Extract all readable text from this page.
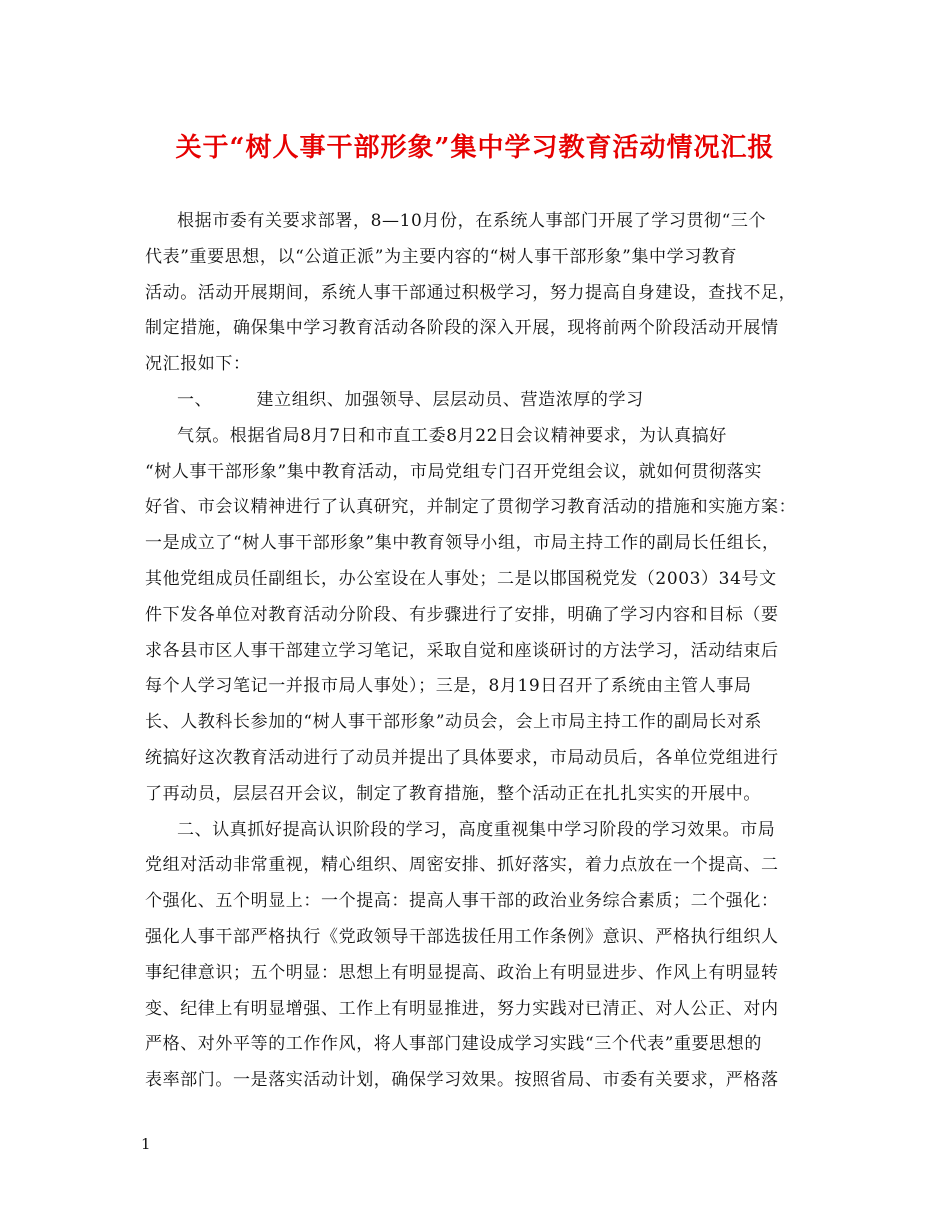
关于“树人事干部形象”集中学习教育活动情况汇报
根据市委有关要求部署，8—10月份，在系统人事部门开展了学习贯彻“三个
代表”重要思想，以“公道正派”为主要内容的“树人事干部形象”集中学习教育
活动。活动开展期间，系统人事干部通过积极学习，努力提高自身建设，查找不足，
制定措施，确保集中学习教育活动各阶段的深入开展，现将前两个阶段活动开展情
况汇报如下：
一、　　　建立组织、加强领导、层层动员、营造浓厚的学习
气氛。根据省局8月7日和市直工委8月22日会议精神要求，为认真搞好
“树人事干部形象”集中教育活动，市局党组专门召开党组会议，就如何贯彻落实
好省、市会议精神进行了认真研究，并制定了贯彻学习教育活动的措施和实施方案：
一是成立了“树人事干部形象”集中教育领导小组，市局主持工作的副局长任组长，
其他党组成员任副组长，办公室设在人事处；二是以邯国税党发（2003）34号文
件下发各单位对教育活动分阶段、有步骤进行了安排，明确了学习内容和目标（要
求各县市区人事干部建立学习笔记，采取自觉和座谈研讨的方法学习，活动结束后
每个人学习笔记一并报市局人事处）；三是，8月19日召开了系统由主管人事局
长、人教科长参加的“树人事干部形象”动员会，会上市局主持工作的副局长对系
统搞好这次教育活动进行了动员并提出了具体要求，市局动员后，各单位党组进行
了再动员，层层召开会议，制定了教育措施，整个活动正在扎扎实实的开展中。
二、认真抓好提高认识阶段的学习，高度重视集中学习阶段的学习效果。市局
党组对活动非常重视，精心组织、周密安排、抓好落实，着力点放在一个提高、二
个强化、五个明显上：一个提高：提高人事干部的政治业务综合素质；二个强化：
强化人事干部严格执行《党政领导干部选拔任用工作条例》意识、严格执行组织人
事纪律意识；五个明显：思想上有明显提高、政治上有明显进步、作风上有明显转
变、纪律上有明显增强、工作上有明显推进，努力实践对已清正、对人公正、对内
严格、对外平等的工作作风，将人事部门建设成学习实践“三个代表”重要思想的
表率部门。一是落实活动计划，确保学习效果。按照省局、市委有关要求，严格落
1
